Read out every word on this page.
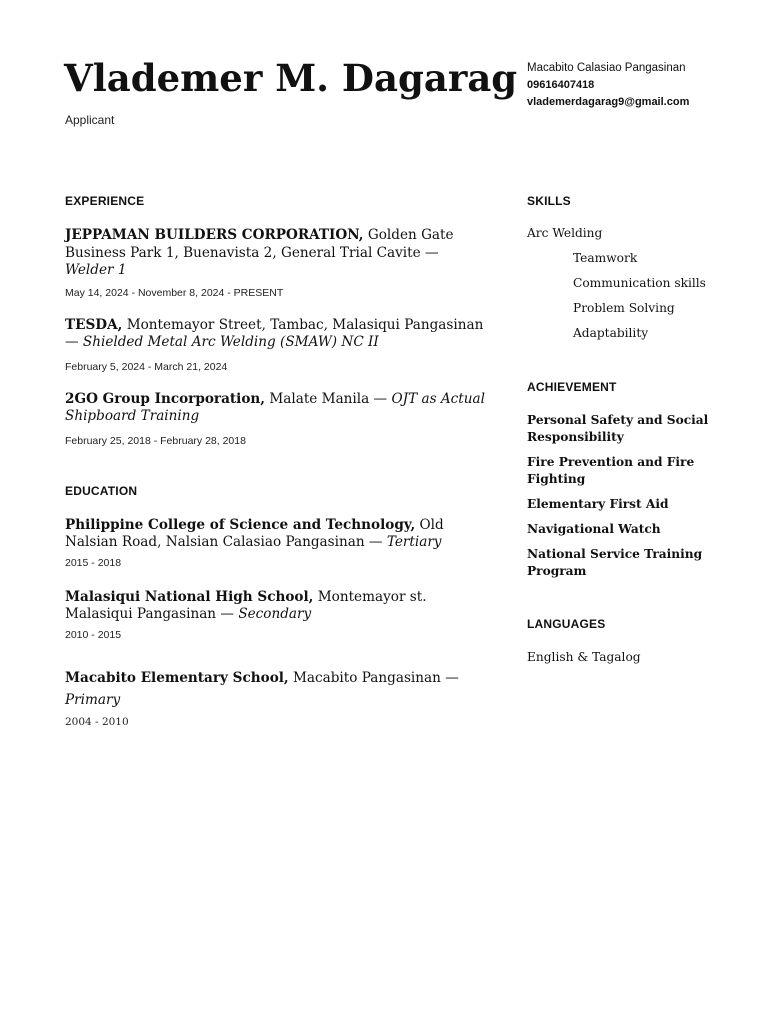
Vlademer M. Dagarag
Applicant
Macabito Calasiao Pangasinan
09616407418
vlademerdagarag9@gmail.com
EXPERIENCE

JEPPAMAN BUILDERS CORPORATION, Golden Gate Business Park 1, Buenavista 2, General Trial Cavite — Welder 1

May 14, 2024 - November 8, 2024 - PRESENT

TESDA, Montemayor Street, Tambac, Malasiqui Pangasinan — Shielded Metal Arc Welding (SMAW) NC II

February 5, 2024 - March 21, 2024

2GO Group Incorporation, Malate Manila — OJT as Actual Shipboard Training

February 25, 2018 - February 28, 2018
EDUCATION

Philippine College of Science and Technology, Old Nalsian Road, Nalsian Calasiao Pangasinan — Tertiary

2015 - 2018

Malasiqui National High School, Montemayor st. Malasiqui Pangasinan — Secondary

2010 - 2015

Macabito Elementary School, Macabito Pangasinan — Primary

2004 - 2010
SKILLS
Arc Welding
Teamwork
Communication skills
Problem Solving
Adaptability
ACHIEVEMENT
Personal Safety and Social Responsibility
Fire Prevention and Fire Fighting
Elementary First Aid
Navigational Watch
National Service Training Program
LANGUAGES
English & Tagalog
